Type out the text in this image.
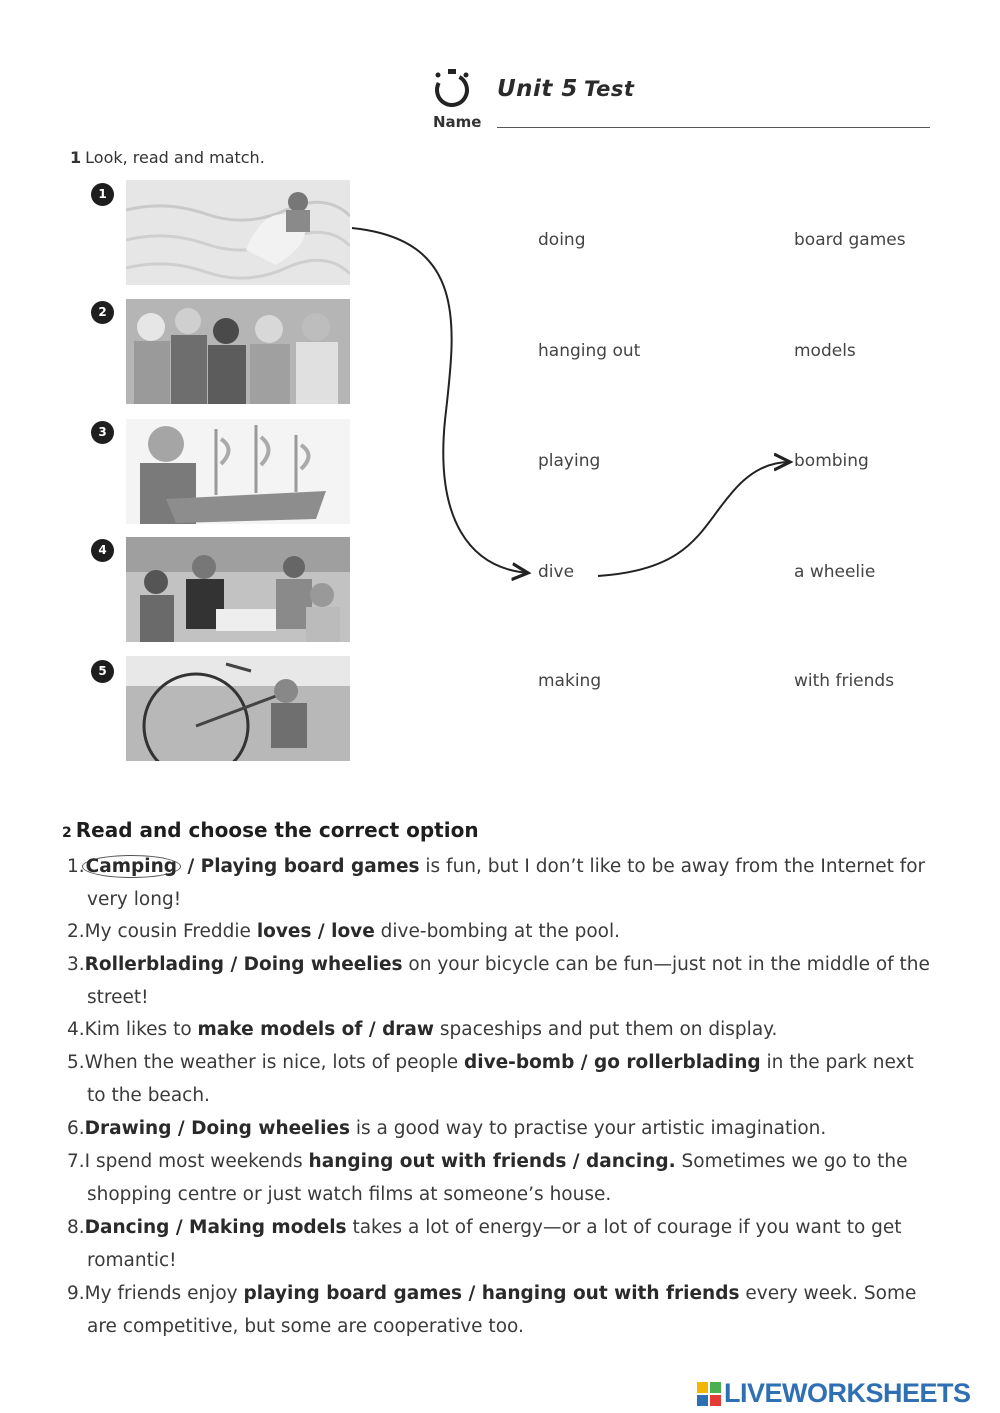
Unit 5 Test
Name
1 Look, read and match.
1
2
3
4
5
doing
hanging out
playing
dive
making
board games
models
bombing
a wheelie
with friends
2 Read and choose the correct option
1.Camping / Playing board games is fun, but I don’t like to be away from the Internet for
very long!
2.My cousin Freddie loves / love dive-bombing at the pool.
3.Rollerblading / Doing wheelies on your bicycle can be fun—just not in the middle of the
street!
4.Kim likes to make models of / draw spaceships and put them on display.
5.When the weather is nice, lots of people dive-bomb / go rollerblading in the park next
to the beach.
6.Drawing / Doing wheelies is a good way to practise your artistic imagination.
7.I spend most weekends hanging out with friends / dancing. Sometimes we go to the
shopping centre or just watch films at someone’s house.
8.Dancing / Making models takes a lot of energy—or a lot of courage if you want to get
romantic!
9.My friends enjoy playing board games / hanging out with friends every week. Some
are competitive, but some are cooperative too.
LIVEWORKSHEETS
